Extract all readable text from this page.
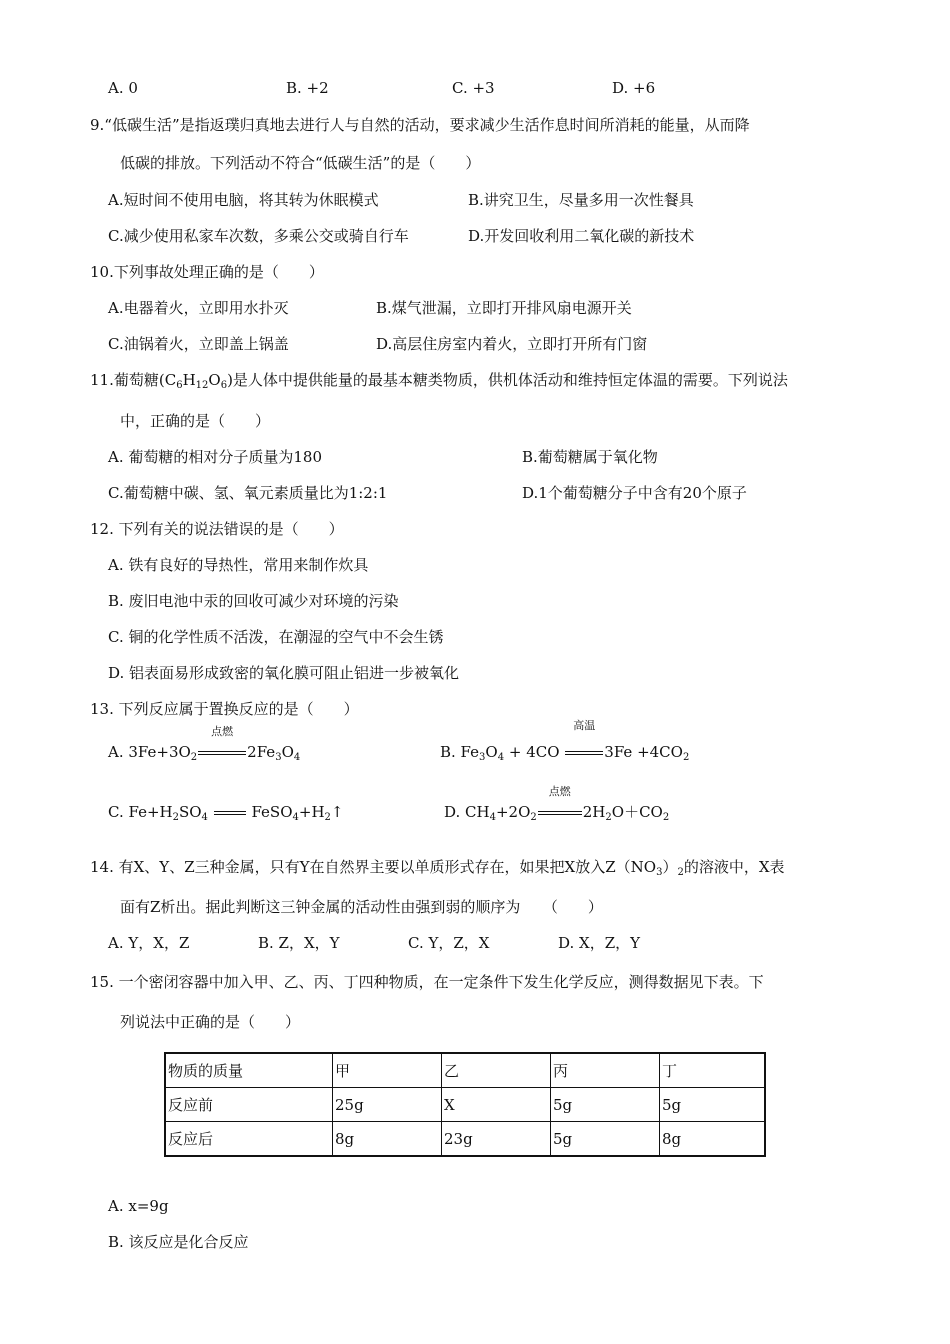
A. 0	B. +2	C. +3	D. +6
9.“低碳生活”是指返璞归真地去进行人与自然的活动，要求减少生活作息时间所消耗的能量，从而降
低碳的排放。下列活动不符合“低碳生活”的是（　　）
A.短时间不使用电脑，将其转为休眠模式	B.讲究卫生，尽量多用一次性餐具
C.减少使用私家车次数，多乘公交或骑自行车	D.开发回收利用二氧化碳的新技术
10.下列事故处理正确的是（　　）
A.电器着火，立即用水扑灭	B.煤气泄漏，立即打开排风扇电源开关
C.油锅着火，立即盖上锅盖	D.高层住房室内着火，立即打开所有门窗
11.葡萄糖$(C_6H_{12}O_6)$是人体中提供能量的最基本糖类物质，供机体活动和维持恒定体温的需要。下列说法
中，正确的是（　　）
A. 葡萄糖的相对分子质量为180	B.葡萄糖属于氧化物
C.葡萄糖中碳、氢、氧元素质量比为1:2:1	D.1个葡萄糖分子中含有20个原子
12. 下列有关的说法错误的是（　　）
A. 铁有良好的导热性，常用来制作炊具
B. 废旧电池中汞的回收可减少对环境的污染
C. 铜的化学性质不活泼，在潮湿的空气中不会生锈
D. 铝表面易形成致密的氧化膜可阻止铝进一步被氧化
13. 下列反应属于置换反应的是（　　）
A. $3Fe+3O_2$
点燃
$2Fe_3O_4$	B. $Fe_3O_4 + 4CO$
高温
$3Fe +4CO_2$
C. $Fe+H_2SO_4$	$FeSO_4+H_2↑$	D. $CH_4+2O_2$
点燃
$2H_2O+CO_2$
14. 有X、Y、Z三种金属，只有Y在自然界主要以单质形式存在，如果把X放入$Z(NO_3)_2$的溶液中，X表
面有Z析出。据此判断这三钟金属的活动性由强到弱的顺序为　　（　　）
A. Y，X，Z	B. Z，X，Y	C. Y，Z，X	D. X，Z，Y
15. 一个密闭容器中加入甲、乙、丙、丁四种物质，在一定条件下发生化学反应，测得数据见下表。下
列说法中正确的是（　　）
物质的质量	甲	乙	丙	丁
反应前	25g	X	5g	5g
反应后	8g	23g	5g	8g
A. x=9g
B. 该反应是化合反应
